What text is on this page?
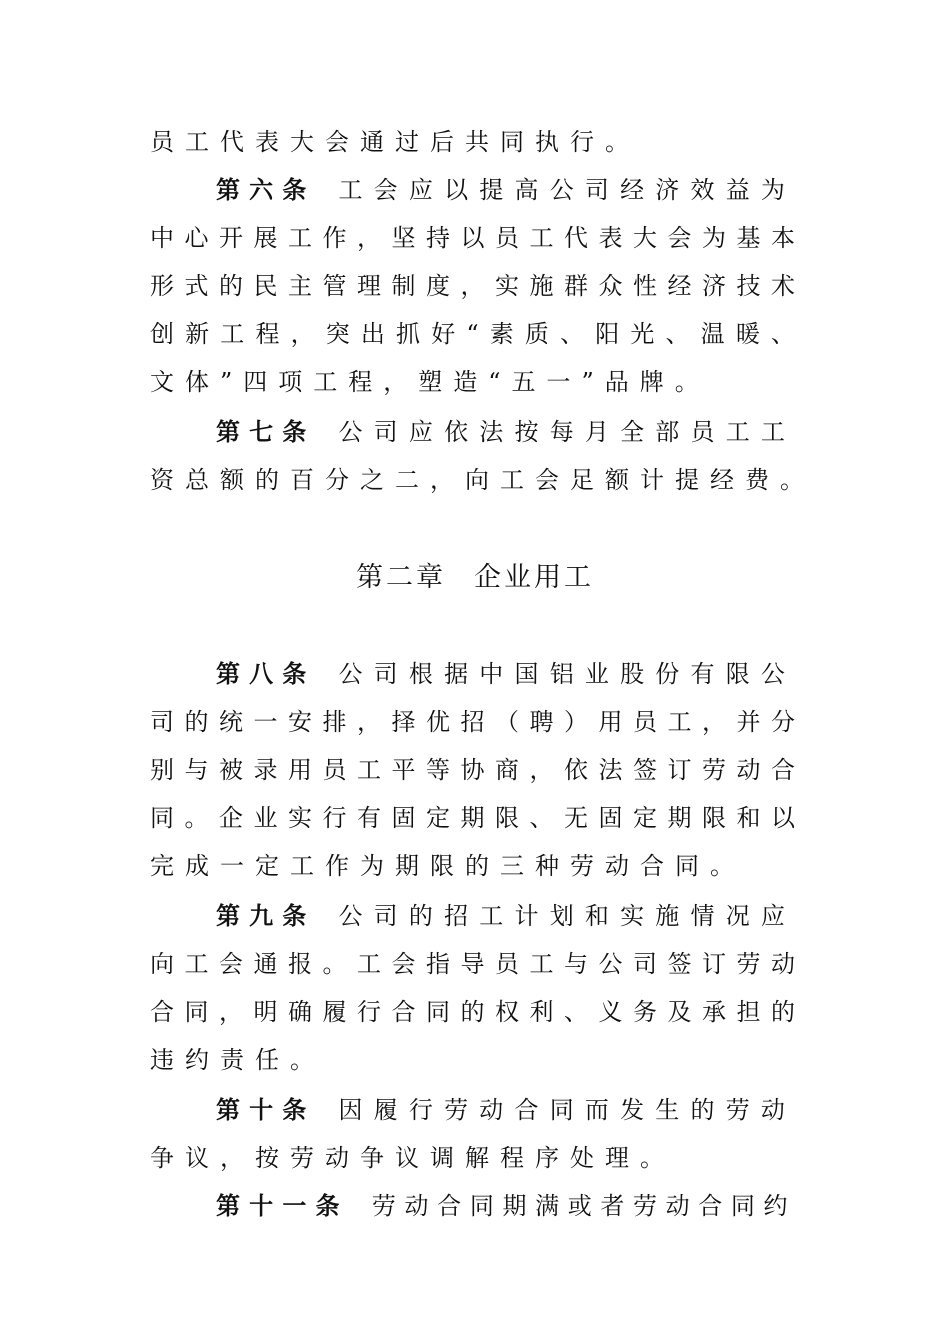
员工代表大会通过后共同执行。
第六条 工会应以提高公司经济效益为
中心开展工作，坚持以员工代表大会为基本
形式的民主管理制度，实施群众性经济技术
创新工程，突出抓好“素质、阳光、温暖、
文体”四项工程，塑造“五一”品牌。
第七条 公司应依法按每月全部员工工
资总额的百分之二，向工会足额计提经费。
第二章 企业用工
第八条 公司根据中国铝业股份有限公
司的统一安排，择优招（聘）用员工，并分
别与被录用员工平等协商，依法签订劳动合
同。企业实行有固定期限、无固定期限和以
完成一定工作为期限的三种劳动合同。
第九条 公司的招工计划和实施情况应
向工会通报。工会指导员工与公司签订劳动
合同，明确履行合同的权利、义务及承担的
违约责任。
第十条 因履行劳动合同而发生的劳动
争议，按劳动争议调解程序处理。
第十一条 劳动合同期满或者劳动合同约
